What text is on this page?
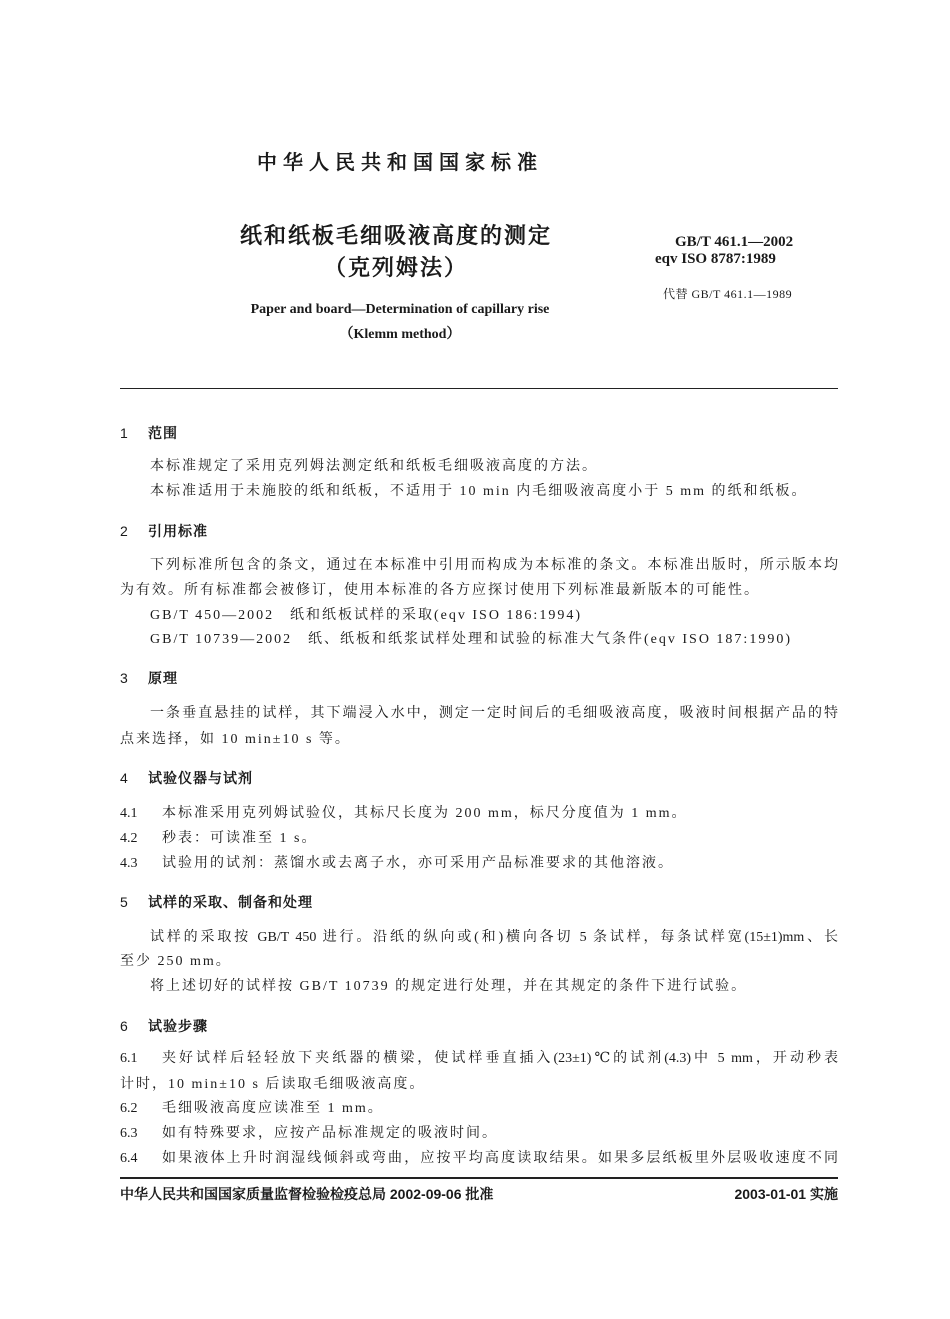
中华人民共和国国家标准
纸和纸板毛细吸液高度的测定
（克列姆法）
Paper and board—Determination of capillary rise
（Klemm method）
GB/T 461.1—2002
eqv ISO 8787:1989
代替 GB/T 461.1—1989
1 范围
本标准规定了采用克列姆法测定纸和纸板毛细吸液高度的方法。
本标准适用于未施胶的纸和纸板，不适用于 10 min 内毛细吸液高度小于 5 mm 的纸和纸板。
2 引用标准
下列标准所包含的条文，通过在本标准中引用而构成为本标准的条文。本标准出版时，所示版本均
为有效。所有标准都会被修订，使用本标准的各方应探讨使用下列标准最新版本的可能性。
GB/T 450—2002 纸和纸板试样的采取(eqv ISO 186:1994)
GB/T 10739—2002 纸、纸板和纸浆试样处理和试验的标准大气条件(eqv ISO 187:1990)
3 原理
一条垂直悬挂的试样，其下端浸入水中，测定一定时间后的毛细吸液高度，吸液时间根据产品的特
点来选择，如 10 min±10 s 等。
4 试验仪器与试剂
4.1 本标准采用克列姆试验仪，其标尺长度为 200 mm，标尺分度值为 1 mm。
4.2 秒表：可读准至 1 s。
4.3 试验用的试剂：蒸馏水或去离子水，亦可采用产品标准要求的其他溶液。
5 试样的采取、制备和处理
试样的采取按 GB/T 450 进行。沿纸的纵向或(和)横向各切 5 条试样，每条试样宽(15±1)mm、长
至少 250 mm。
将上述切好的试样按 GB/T 10739 的规定进行处理，并在其规定的条件下进行试验。
6 试验步骤
6.1 夹好试样后轻轻放下夹纸器的横梁，使试样垂直插入(23±1)℃的试剂(4.3)中 5 mm，开动秒表
计时，10 min±10 s 后读取毛细吸液高度。
6.2 毛细吸液高度应读准至 1 mm。
6.3 如有特殊要求，应按产品标准规定的吸液时间。
6.4 如果液体上升时润湿线倾斜或弯曲，应按平均高度读取结果。如果多层纸板里外层吸收速度不同
中华人民共和国国家质量监督检验检疫总局 2002-09-06 批准	2003-01-01 实施
